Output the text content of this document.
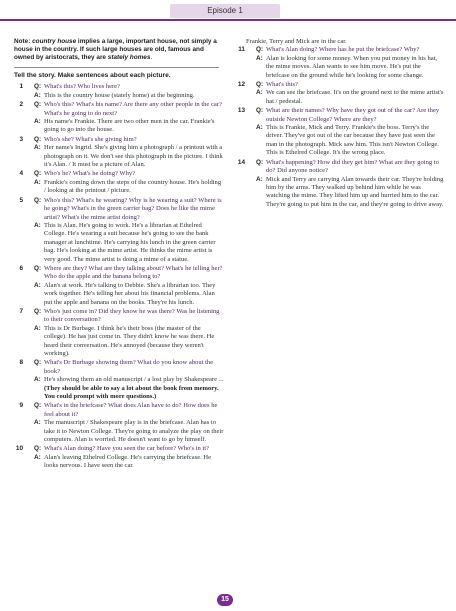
Episode 1

Note: country house implies a large, important house, not simply a house in the country. If such large houses are old, famous and owned by aristocrats, they are stately homes.

Tell the story. Make sentences about each picture.

1 Q: What's this? Who lives here?
A: This is the country house (stately home) at the beginning.
2 Q: Who's this? What's his name? Are there any other people in the car? What's he going to do next?
A: His name's Frankie. There are two other men in the car. Frankie's going to go into the house.
3 Q: Who's she? What's she giving him?
A: Her name's Ingrid. She's giving him a photograph / a printout with a photograph on it. We don't see this photograph in the picture. I think it's Alan. / It must be a picture of Alan.
4 Q: Who's he? What's he doing? Why?
A: Frankie's coming down the steps of the country house. He's holding / looking at the printout / picture.
5 Q: Who's this? What's he wearing? Why is he wearing a suit? Where is he going? What's in the green carrier bag? Does he like the mime artist? What's the mime artist doing?
A: This is Alan. He's going to work. He's a librarian at Ethelred College. He's wearing a suit because he's going to see the bank manager at lunchtime. He's carrying his lunch in the green carrier bag. He's looking at the mime artist. He thinks the mime artist is very good. The mime artist is doing a mime of a statue.
6 Q: Where are they? What are they talking about? What's he telling her? Who do the apple and the banana belong to?
A: Alan's at work. He's talking to Debbie. She's a librarian too. They work together. He's telling her about his financial problems. Alan put the apple and banana on the books. They're his lunch.
7 Q: Who's just come in? Did they know he was there? Was he listening to their conversation?
A: This is Dr Burbage. I think he's their boss (the master of the college). He has just come in. They didn't know he was there. He heard their conversation. He's annoyed (because they weren't working).
8 Q: What's Dr Burbage showing them? What do you know about the book?
A: He's showing them an old manuscript / a lost play by Shakespeare ... (They should be able to say a lot about the book from memory. You could prompt with more questions.)
9 Q: What's in the briefcase? What does Alan have to do? How does he feel about it?
A: The manuscript / Shakespeare play is in the briefcase. Alan has to take it to Newton College. They're going to analyze the play on their computers. Alan is worried. He doesn't want to go by himself.
10 Q: What's Alan doing? Have you seen the car before? Who's in it?
A: Alan's leaving Ethelred College. He's carrying the briefcase. He looks nervous. I have seen the car.
Frankie, Terry and Mick are in the car.
11 Q: What's Alan doing? Where has he put the briefcase? Why?
A: Alan is looking for some money. When you put money in his hat, the mime moves. Alan wants to see him move. He's put the briefcase on the ground while he's looking for some change.
12 Q: What's this?
A: We can see the briefcase. It's on the ground next to the mime artist's hat / pedestal.
13 Q: What are their names? Why have they got out of the car? Are they outside Newton College? Where are they?
A: This is Frankie, Mick and Terry. Frankie's the boss. Terry's the driver. They've got out of the car because they have just seen the man in the photograph. Mick saw him. This isn't Newton College. This is Ethelred College. It's the wrong place.
14 Q: What's happening? How did they get him? What are they going to do? Did anyone notice?
A: Mick and Terry are carrying Alan towards their car. They're holding him by the arms. They walked up behind him while he was watching the mime. They lifted him up and hurried him to the car. They're going to put him in the car, and they're going to drive away.
15
